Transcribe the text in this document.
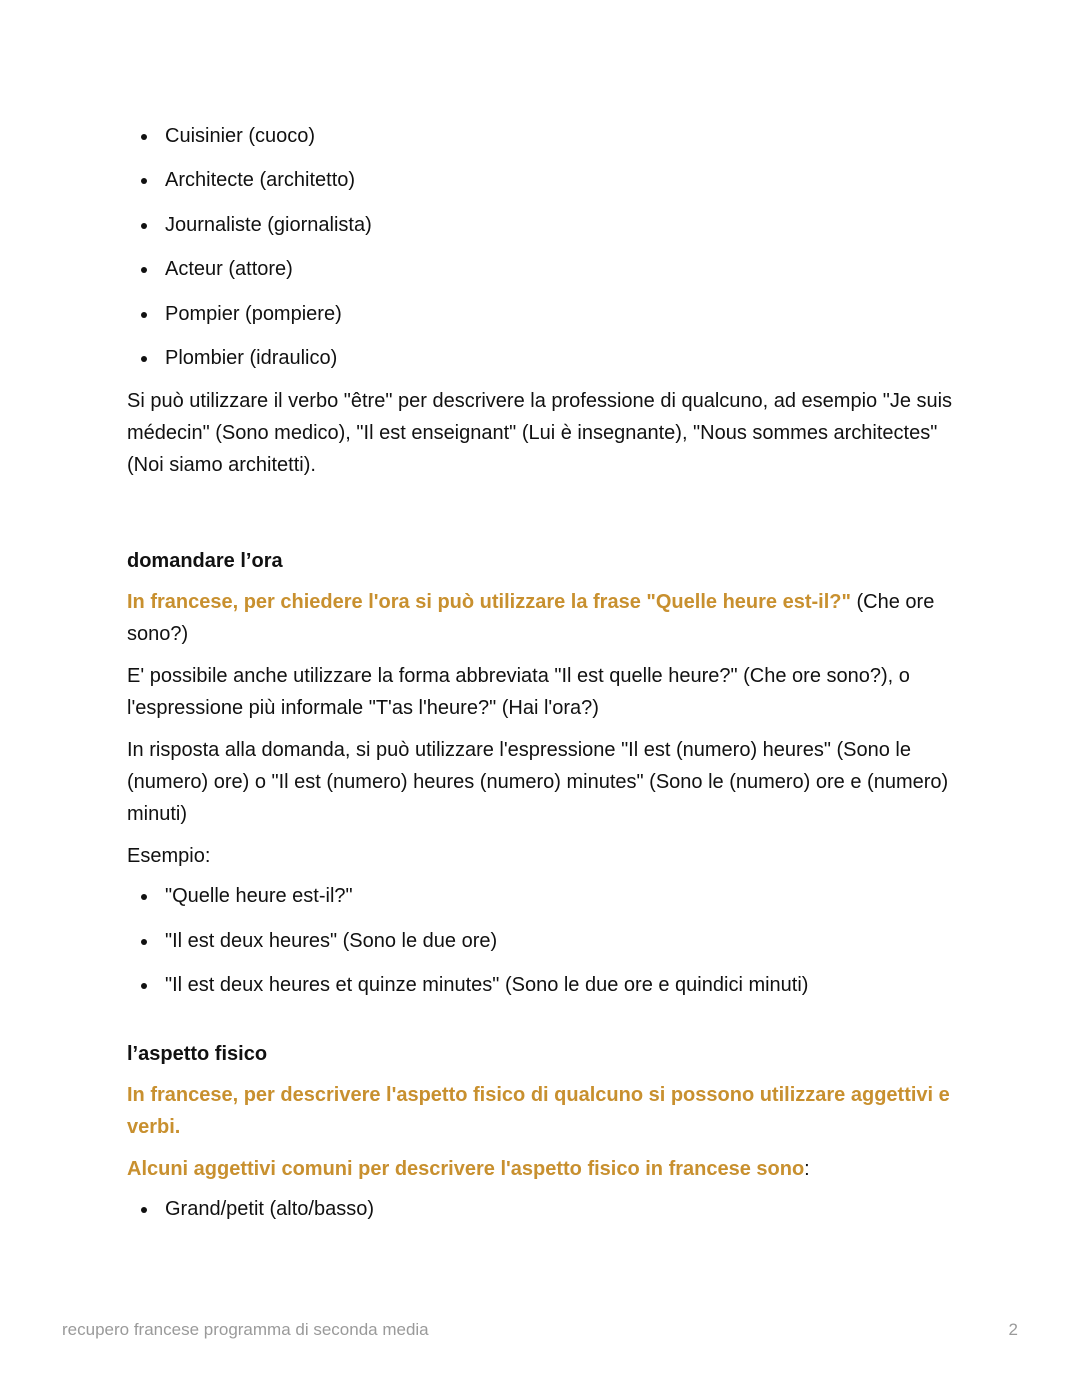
Cuisinier (cuoco)
Architecte (architetto)
Journaliste (giornalista)
Acteur (attore)
Pompier (pompiere)
Plombier (idraulico)

Si può utilizzare il verbo "être" per descrivere la professione di qualcuno, ad esempio "Je suis médecin" (Sono medico), "Il est enseignant" (Lui è insegnante), "Nous sommes architectes" (Noi siamo architetti).

domandare l’ora

In francese, per chiedere l'ora si può utilizzare la frase "Quelle heure est-il?" (Che ore sono?)

E' possibile anche utilizzare la forma abbreviata "Il est quelle heure?" (Che ore sono?), o l'espressione più informale "T'as l'heure?" (Hai l'ora?)

In risposta alla domanda, si può utilizzare l'espressione "Il est (numero) heures" (Sono le (numero) ore) o "Il est (numero) heures (numero) minutes" (Sono le (numero) ore e (numero) minuti)

Esempio:

"Quelle heure est-il?"
"Il est deux heures" (Sono le due ore)
"Il est deux heures et quinze minutes" (Sono le due ore e quindici minuti)
l’aspetto fisico

In francese, per descrivere l'aspetto fisico di qualcuno si possono utilizzare aggettivi e verbi.

Alcuni aggettivi comuni per descrivere l'aspetto fisico in francese sono:

Grand/petit (alto/basso)
recupero francese programma di seconda media	2
